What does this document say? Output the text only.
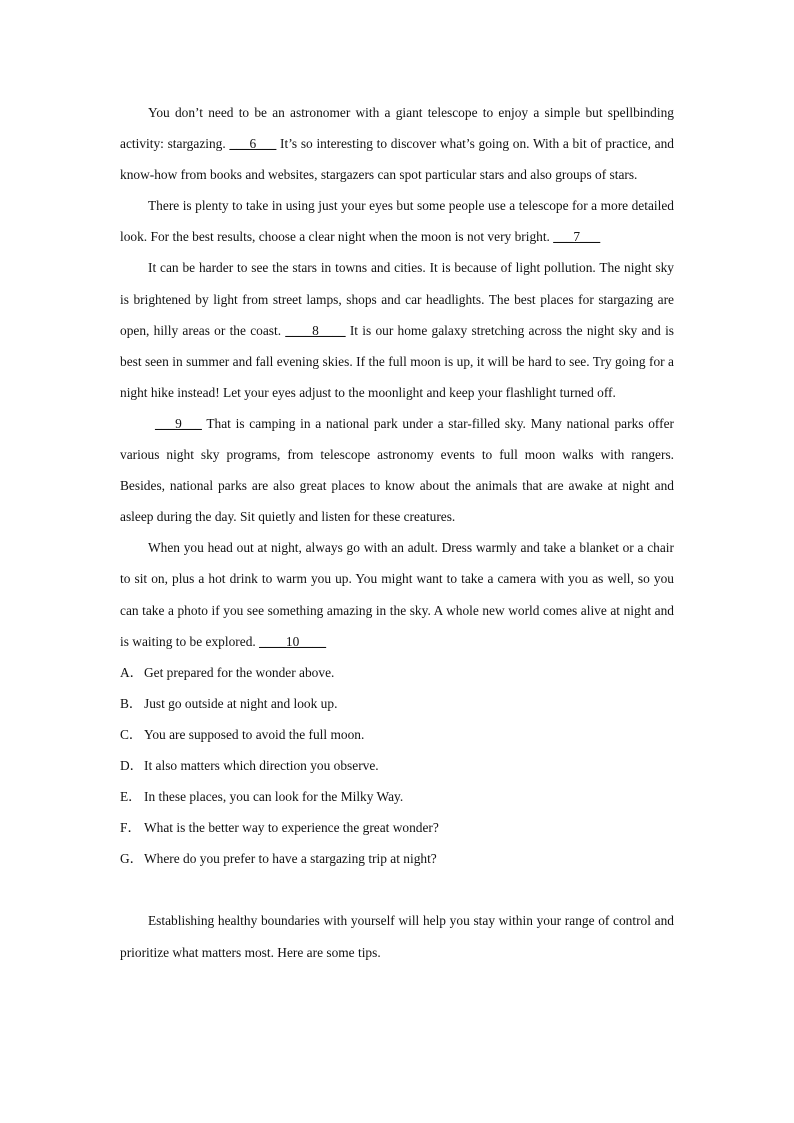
You don’t need to be an astronomer with a giant telescope to enjoy a simple but spellbinding activity: stargazing. ___6___ It’s so interesting to discover what’s going on. With a bit of practice, and know-how from books and websites, stargazers can spot particular stars and also groups of stars.

There is plenty to take in using just your eyes but some people use a telescope for a more detailed look. For the best results, choose a clear night when the moon is not very bright. ___7___

It can be harder to see the stars in towns and cities. It is because of light pollution. The night sky is brightened by light from street lamps, shops and car headlights. The best places for stargazing are open, hilly areas or the coast. ____8____ It is our home galaxy stretching across the night sky and is best seen in summer and fall evening skies. If the full moon is up, it will be hard to see. Try going for a night hike instead! Let your eyes adjust to the moonlight and keep your flashlight turned off.

___9___ That is camping in a national park under a star-filled sky. Many national parks offer various night sky programs, from telescope astronomy events to full moon walks with rangers. Besides, national parks are also great places to know about the animals that are awake at night and asleep during the day. Sit quietly and listen for these creatures.

When you head out at night, always go with an adult. Dress warmly and take a blanket or a chair to sit on, plus a hot drink to warm you up. You might want to take a camera with you as well, so you can take a photo if you see something amazing in the sky. A whole new world comes alive at night and is waiting to be explored. ____10____

A．Get prepared for the wonder above.

B． Just go outside at night and look up.

C． You are supposed to avoid the full moon.

D．It also matters which direction you observe.

E． In these places, you can look for the Milky Way.

F． What is the better way to experience the great wonder?

G．Where do you prefer to have a stargazing trip at night?

Establishing healthy boundaries with yourself will help you stay within your range of control and prioritize what matters most. Here are some tips.
